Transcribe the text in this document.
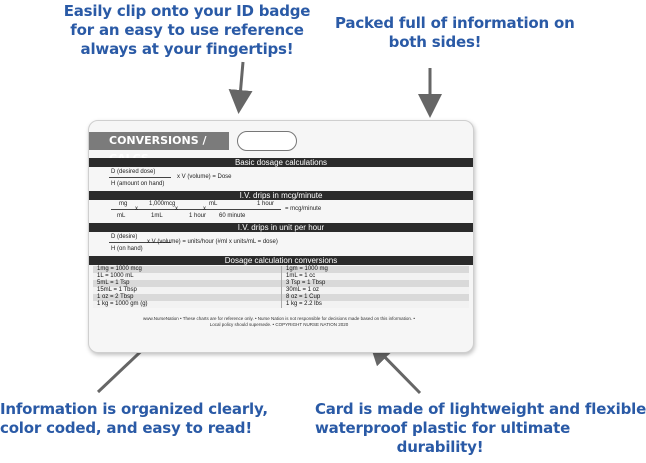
Easily clip onto your ID badge
for an easy to use reference
always at your fingertips!
Packed full of information on
both sides!
Information is organized clearly,
color coded, and easy to read!
Card is made of lightweight and flexible
waterproof plastic for ultimate
durability!
CONVERSIONS /
Basic dosage calculations
D (desired dose)
x V (volume) = Dose
H (amount on hand)
I.V. drips in mcg/minute
mg	1,000mcg	mL	1 hour
x	x	x	= mcg/minute
mL	1mL	1 hour 60 minute
I.V. drips in unit per hour
D (desire)
x V (volume) = units/hour (#ml x units/mL = dose)
H (on hand)
Dosage calculation conversions
1mg = 1000 mcg	1gm = 1000 mg
1L = 1000 mL	1mL = 1 cc
5mL = 1 Tsp	3 Tsp = 1 Tbsp
15mL = 1 Tbsp	30mL = 1 oz
1 oz = 2 Tbsp	8 oz = 1 Cup
1 kg = 1000 gm (g)	1 kg = 2.2 lbs
www.NurseNation • These charts are for reference only. • Nurse Nation is not responsible for decisions made based on this information. •
Local policy should supersede. • COPYRIGHT NURSE NATION 2020
